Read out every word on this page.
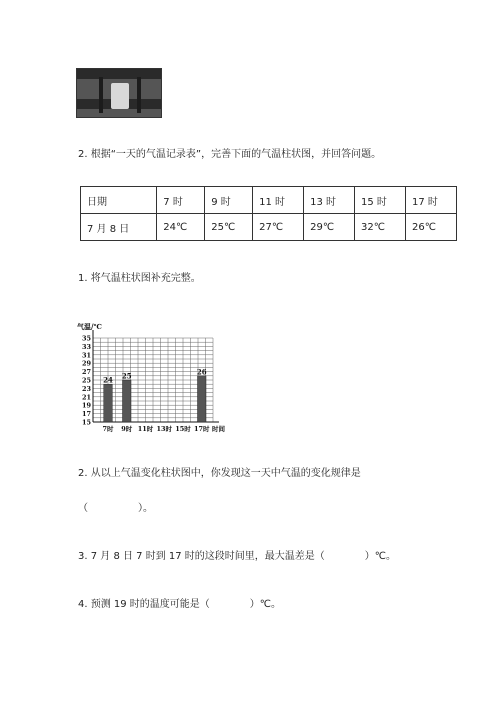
2. 根据“一天的气温记录表”，完善下面的气温柱状图，并回答问题。
日期	7 时	9 时	11 时	13 时	15 时	17 时
7 月 8 日	24℃	25℃	27℃	29℃	32℃	26℃
1. 将气温柱状图补充完整。
15
17
19
21
23
25
27
29
31
33
35
气温/℃
7时
24
9时
25
11时 13时 15时 17时
26
时间
2. 从以上气温变化柱状图中，你发现这一天中气温的变化规律是
（　　　　　）。
3. 7 月 8 日 7 时到 17 时的这段时间里，最大温差是（　　　　）℃。
4. 预测 19 时的温度可能是（　　　　）℃。
